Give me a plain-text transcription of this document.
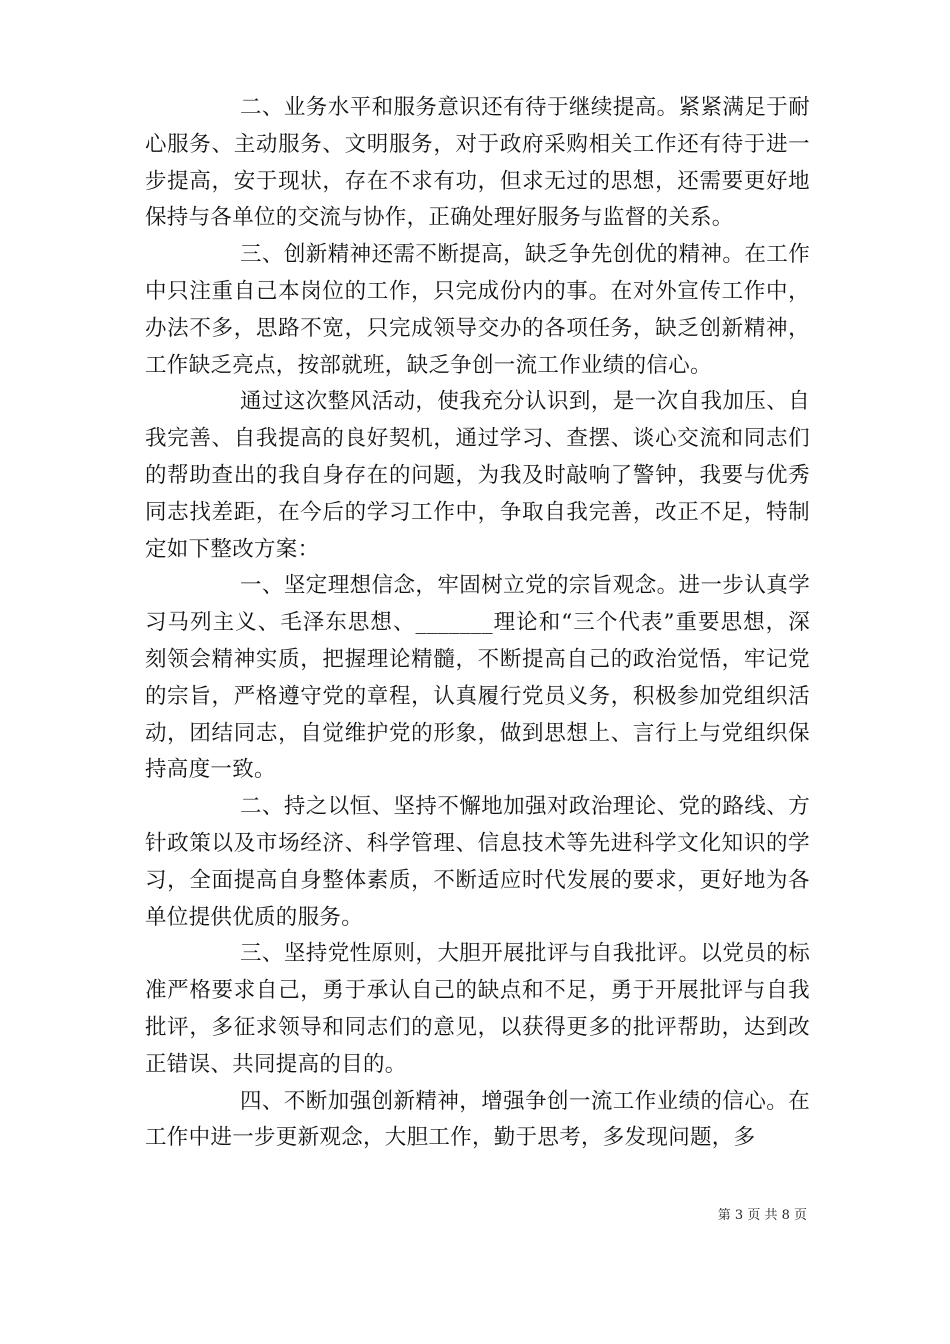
二、业务水平和服务意识还有待于继续提高。紧紧满足于耐心服务、主动服务、文明服务，对于政府采购相关工作还有待于进一步提高，安于现状，存在不求有功，但求无过的思想，还需要更好地保持与各单位的交流与协作，正确处理好服务与监督的关系。

三、创新精神还需不断提高，缺乏争先创优的精神。在工作中只注重自己本岗位的工作，只完成份内的事。在对外宣传工作中，办法不多，思路不宽，只完成领导交办的各项任务，缺乏创新精神，工作缺乏亮点，按部就班，缺乏争创一流工作业绩的信心。

通过这次整风活动，使我充分认识到，是一次自我加压、自我完善、自我提高的良好契机，通过学习、查摆、谈心交流和同志们的帮助查出的我自身存在的问题，为我及时敲响了警钟，我要与优秀同志找差距，在今后的学习工作中，争取自我完善，改正不足，特制定如下整改方案：

一、坚定理想信念，牢固树立党的宗旨观念。进一步认真学习马列主义、毛泽东思想、_______理论和“三个代表”重要思想，深刻领会精神实质，把握理论精髓，不断提高自己的政治觉悟，牢记党的宗旨，严格遵守党的章程，认真履行党员义务，积极参加党组织活动，团结同志，自觉维护党的形象，做到思想上、言行上与党组织保持高度一致。

二、持之以恒、坚持不懈地加强对政治理论、党的路线、方针政策以及市场经济、科学管理、信息技术等先进科学文化知识的学习，全面提高自身整体素质，不断适应时代发展的要求，更好地为各单位提供优质的服务。

三、坚持党性原则，大胆开展批评与自我批评。以党员的标准严格要求自己，勇于承认自己的缺点和不足，勇于开展批评与自我批评，多征求领导和同志们的意见，以获得更多的批评帮助，达到改正错误、共同提高的目的。

四、不断加强创新精神，增强争创一流工作业绩的信心。在工作中进一步更新观念，大胆工作，勤于思考，多发现问题，多

第 3 页 共 8 页
